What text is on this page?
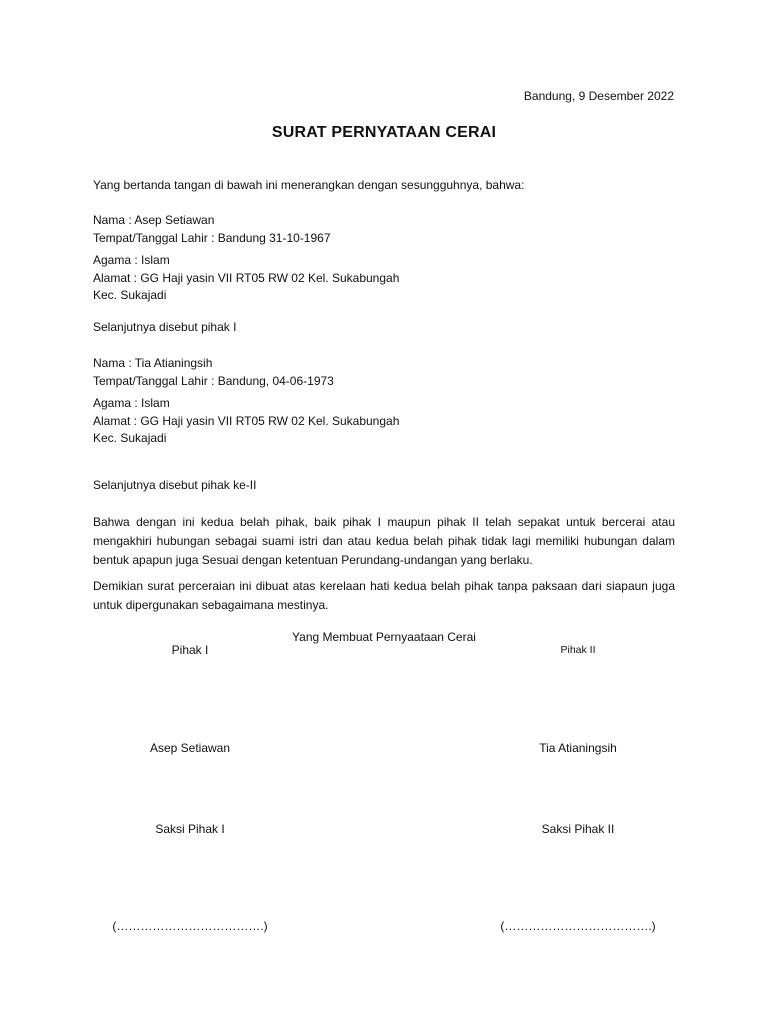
Bandung, 9 Desember 2022
SURAT PERNYATAAN CERAI
Yang bertanda tangan di bawah ini menerangkan dengan sesungguhnya, bahwa:
Nama : Asep Setiawan
Tempat/Tanggal Lahir : Bandung 31-10-1967
Agama : Islam
Alamat : GG Haji yasin VII RT05 RW 02 Kel. Sukabungah
Kec. Sukajadi
Selanjutnya disebut pihak I
Nama : Tia Atianingsih
Tempat/Tanggal Lahir : Bandung, 04-06-1973
Agama : Islam
Alamat : GG Haji yasin VII RT05 RW 02 Kel. Sukabungah
Kec. Sukajadi
Selanjutnya disebut pihak ke-II
Bahwa dengan ini kedua belah pihak, baik pihak I maupun pihak II telah sepakat untuk bercerai atau mengakhiri hubungan sebagai suami istri dan atau kedua belah pihak tidak lagi memiliki hubungan dalam bentuk apapun juga Sesuai dengan ketentuan Perundang-undangan yang berlaku.
Demikian surat perceraian ini dibuat atas kerelaan hati kedua belah pihak tanpa paksaan dari siapaun juga untuk dipergunakan sebagaimana mestinya.
Yang Membuat Pernyaataan Cerai
Pihak I	Pihak II
Asep Setiawan	Tia Atianingsih
Saksi Pihak I	Saksi Pihak II
(……………………………….)	(……………………………….)
